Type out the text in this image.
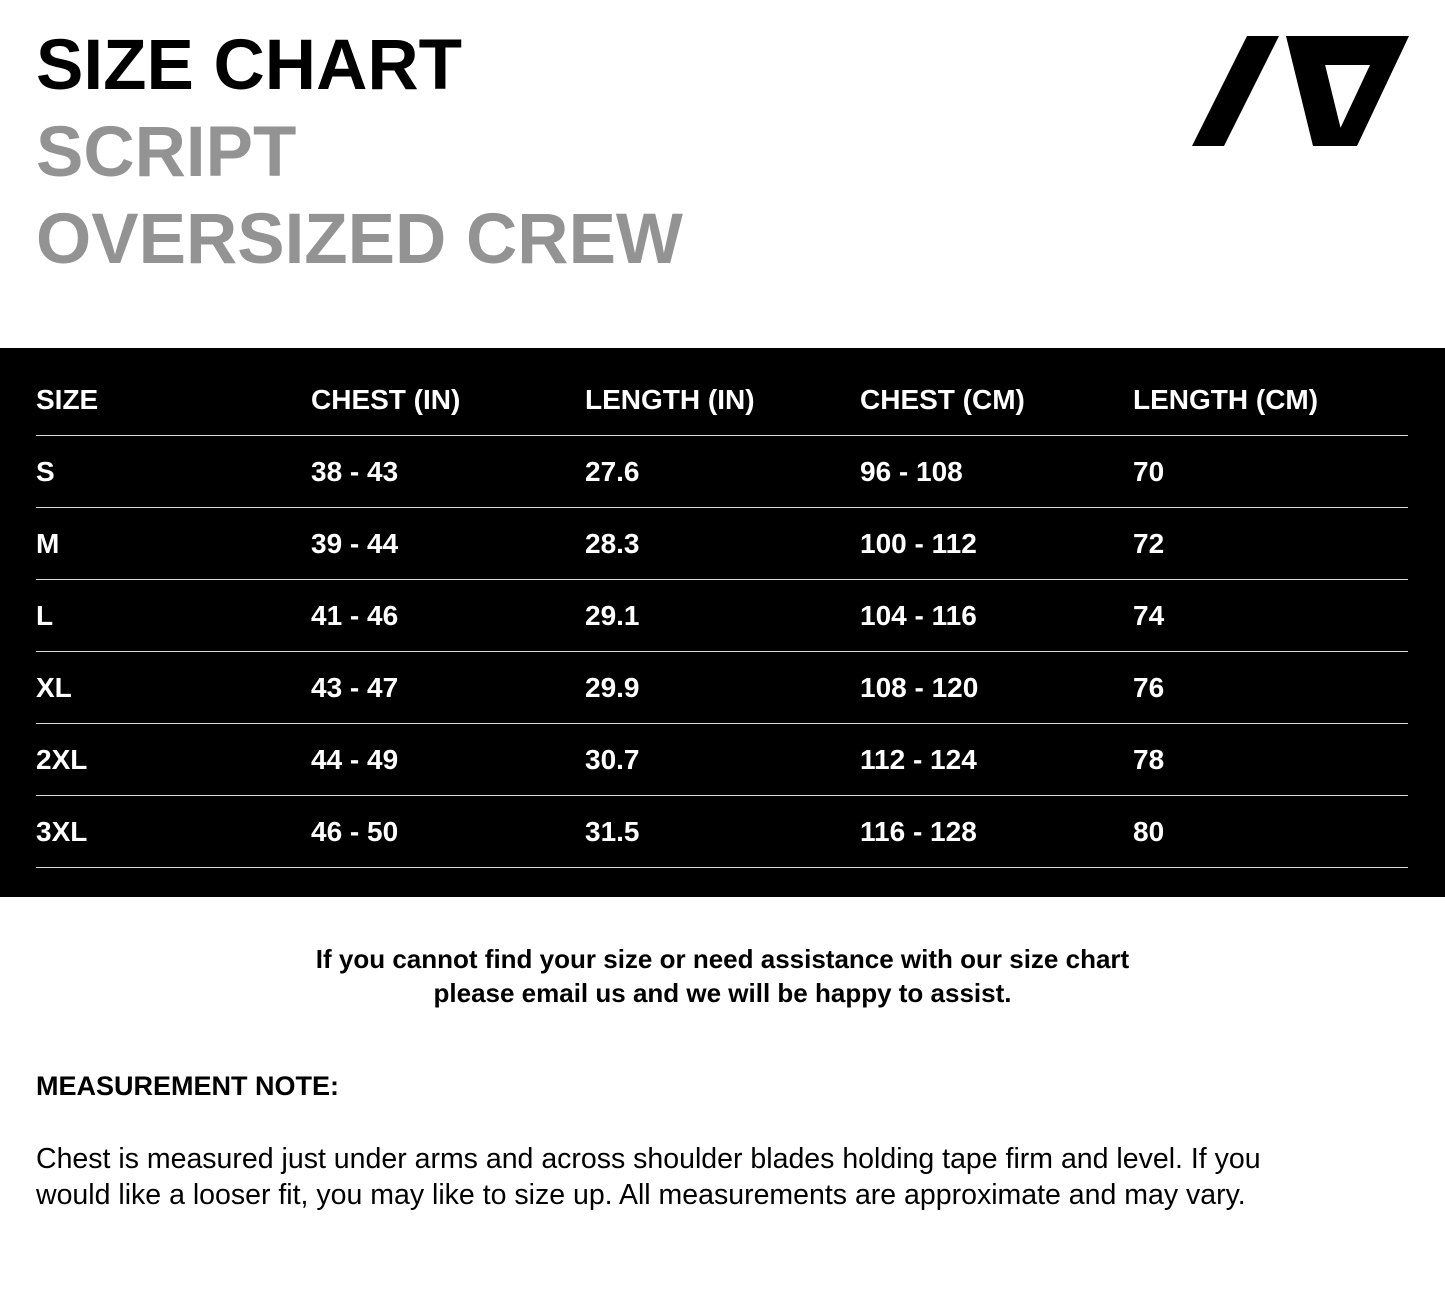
SIZE CHART
SCRIPT
OVERSIZED CREW
SIZE	CHEST (IN)	LENGTH (IN)	CHEST (CM)	LENGTH (CM)
S	38 - 43	27.6	96 - 108	70
M	39 - 44	28.3	100 - 112	72
L	41 - 46	29.1	104 - 116	74
XL	43 - 47	29.9	108 - 120	76
2XL	44 - 49	30.7	112 - 124	78
3XL	46 - 50	31.5	116 - 128	80
If you cannot find your size or need assistance with our size chart
please email us and we will be happy to assist.
MEASUREMENT NOTE:
Chest is measured just under arms and across shoulder blades holding tape firm and level. If you
would like a looser fit, you may like to size up. All measurements are approximate and may vary.
